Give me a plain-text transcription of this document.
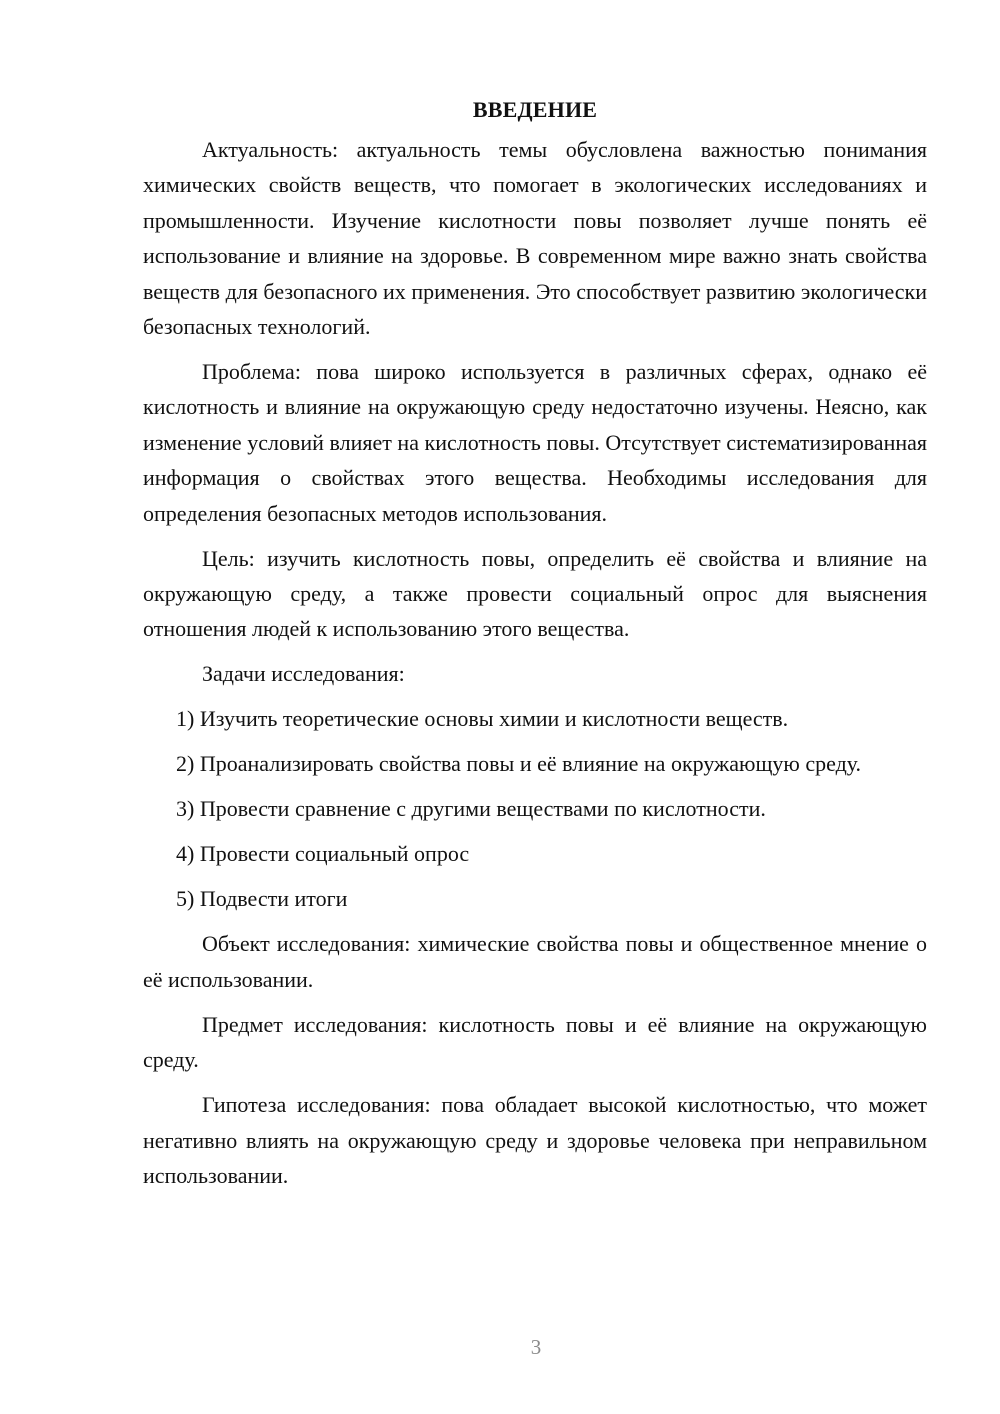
ВВЕДЕНИЕ

Актуальность: актуальность темы обусловлена важностью понимания химических свойств веществ, что помогает в экологических исследованиях и промышленности. Изучение кислотности повы позволяет лучше понять её использование и влияние на здоровье. В современном мире важно знать свойства веществ для безопасного их применения. Это способствует развитию экологически безопасных технологий.

Проблема: пова широко используется в различных сферах, однако её кислотность и влияние на окружающую среду недостаточно изучены. Неясно, как изменение условий влияет на кислотность повы. Отсутствует систематизированная информация о свойствах этого вещества. Необходимы исследования для определения безопасных методов использования.

Цель: изучить кислотность повы, определить её свойства и влияние на окружающую среду, а также провести социальный опрос для выяснения отношения людей к использованию этого вещества.

Задачи исследования:

1) Изучить теоретические основы химии и кислотности веществ.

2) Проанализировать свойства повы и её влияние на окружающую среду.

3) Провести сравнение с другими веществами по кислотности.

4) Провести социальный опрос

5) Подвести итоги

Объект исследования: химические свойства повы и общественное мнение о её использовании.

Предмет исследования: кислотность повы и её влияние на окружающую среду.

Гипотеза исследования: пова обладает высокой кислотностью, что может негативно влиять на окружающую среду и здоровье человека при неправильном использовании.

3
